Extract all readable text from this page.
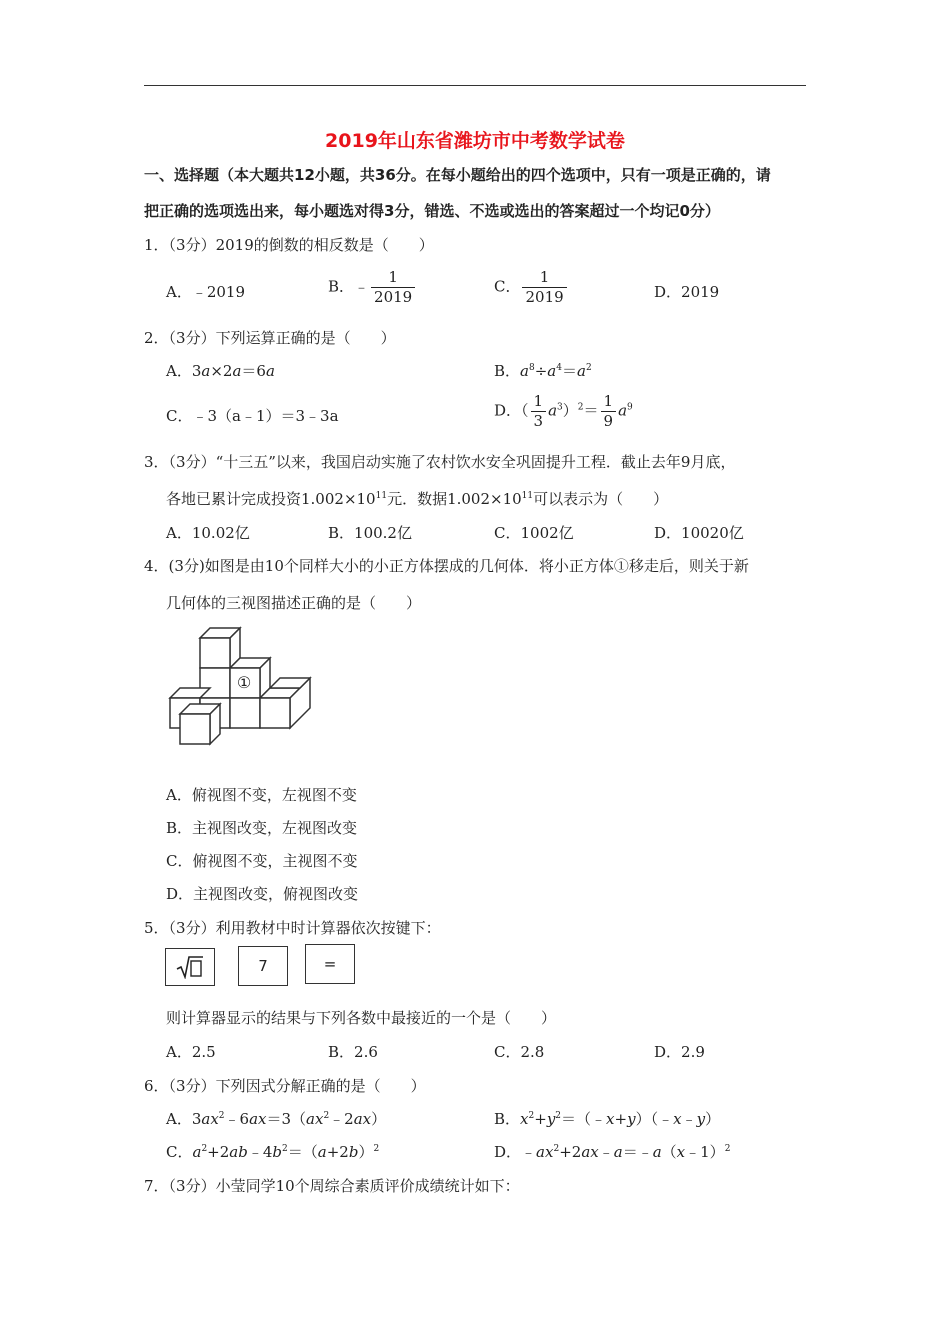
2019年山东省潍坊市中考数学试卷
一、选择题（本大题共12小题，共36分。在每小题给出的四个选项中，只有一项是正确的，请
把正确的选项选出来，每小题选对得3分，错选、不选或选出的答案超过一个均记0分）
1．（3分）2019的倒数的相反数是（　　）
A．﹣2019	B．﹣ $\frac{1}{2019}$	C． $\frac{1}{2019}$	D．2019
2．（3分）下列运算正确的是（　　）
A．3a×2a＝6a	B．$a^8\div a^4=a^2$
C．﹣3（a﹣1）＝3﹣3a	D．（ $\frac{1}{3} a^3)^2= \frac{1}{9} a^9$
3．（3分）“十三五”以来，我国启动实施了农村饮水安全巩固提升工程．截止去年9月底，
各地已累计完成投资$1.002\times 10^{11}$元．数据$1.002\times 10^{11}$可以表示为（　　）
A．10.02亿	B．100.2亿	C．1002亿	D．10020亿
4．(3分)如图是由10个同样大小的小正方体摆成的几何体．将小正方体①移走后，则关于新
几何体的三视图描述正确的是（　　）
①
A．俯视图不变，左视图不变
B．主视图改变，左视图改变
C．俯视图不变，主视图不变
D．主视图改变，俯视图改变
5．（3分）利用教材中时计算器依次按键下：
7	=
则计算器显示的结果与下列各数中最接近的一个是（　　）
A．2.5	B．2.6	C．2.8	D．2.9
6．（3分）下列因式分解正确的是（　　）
A．$3ax^2﹣6ax=3(ax^2﹣2ax)$	B．$x^2+y^2=(﹣x+y)(﹣x﹣y)$
C．$a^2+2ab﹣4b^2=(a+2b)^2$	D．$﹣ax^2+2ax﹣a=﹣a(x﹣1)^2$
7．（3分）小莹同学10个周综合素质评价成绩统计如下：
